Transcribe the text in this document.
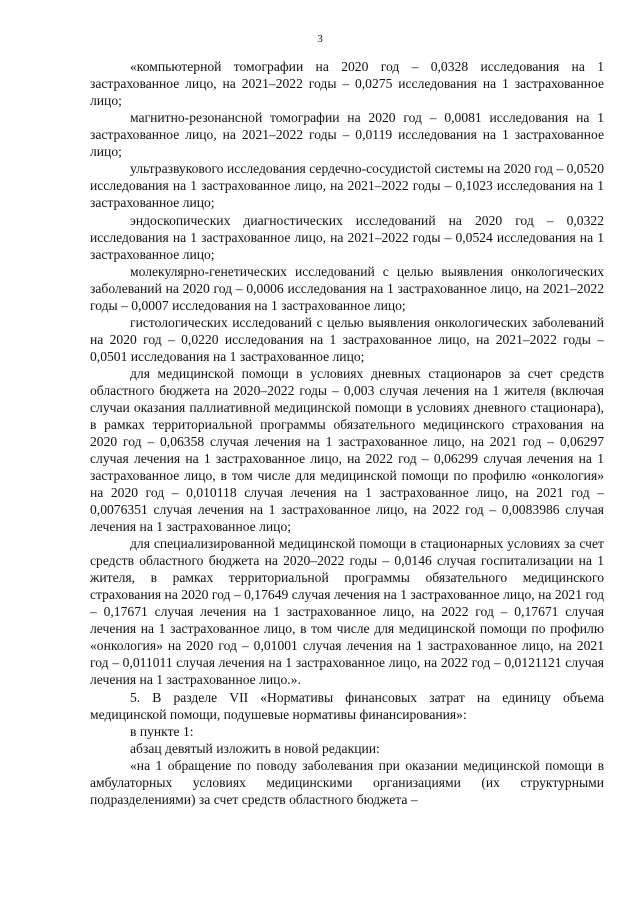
3

«компьютерной томографии на 2020 год – 0,0328 исследования на 1 застрахованное лицо, на 2021–2022 годы – 0,0275 исследования на 1 застрахованное лицо;

магнитно-резонансной томографии на 2020 год – 0,0081 исследования на 1 застрахованное лицо, на 2021–2022 годы – 0,0119 исследования на 1 застрахованное лицо;

ультразвукового исследования сердечно-сосудистой системы на 2020 год – 0,0520 исследования на 1 застрахованное лицо, на 2021–2022 годы – 0,1023 исследования на 1 застрахованное лицо;

эндоскопических диагностических исследований на 2020 год – 0,0322 исследования на 1 застрахованное лицо, на 2021–2022 годы – 0,0524 исследования на 1 застрахованное лицо;

молекулярно-генетических исследований с целью выявления онкологических заболеваний на 2020 год – 0,0006 исследования на 1 застрахованное лицо, на 2021–2022 годы – 0,0007 исследования на 1 застрахованное лицо;

гистологических исследований с целью выявления онкологических заболеваний на 2020 год – 0,0220 исследования на 1 застрахованное лицо, на 2021–2022 годы – 0,0501 исследования на 1 застрахованное лицо;

для медицинской помощи в условиях дневных стационаров за счет средств областного бюджета на 2020–2022 годы – 0,003 случая лечения на 1 жителя (включая случаи оказания паллиативной медицинской помощи в условиях дневного стационара), в рамках территориальной программы обязательного медицинского страхования на 2020 год – 0,06358 случая лечения на 1 застрахованное лицо, на 2021 год – 0,06297 случая лечения на 1 застрахованное лицо, на 2022 год – 0,06299 случая лечения на 1 застрахованное лицо, в том числе для медицинской помощи по профилю «онкология» на 2020 год – 0,010118 случая лечения на 1 застрахованное лицо, на 2021 год – 0,0076351 случая лечения на 1 застрахованное лицо, на 2022 год – 0,0083986 случая лечения на 1 застрахованное лицо;

для специализированной медицинской помощи в стационарных условиях за счет средств областного бюджета на 2020–2022 годы – 0,0146 случая госпитализации на 1 жителя, в рамках территориальной программы обязательного медицинского страхования на 2020 год – 0,17649 случая лечения на 1 застрахованное лицо, на 2021 год – 0,17671 случая лечения на 1 застрахованное лицо, на 2022 год – 0,17671 случая лечения на 1 застрахованное лицо, в том числе для медицинской помощи по профилю «онкология» на 2020 год – 0,01001 случая лечения на 1 застрахованное лицо, на 2021 год – 0,011011 случая лечения на 1 застрахованное лицо, на 2022 год – 0,0121121 случая лечения на 1 застрахованное лицо.».

5. В разделе VII «Нормативы финансовых затрат на единицу объема медицинской помощи, подушевые нормативы финансирования»:

в пункте 1:

абзац девятый изложить в новой редакции:

«на 1 обращение по поводу заболевания при оказании медицинской помощи в амбулаторных условиях медицинскими организациями (их структурными подразделениями) за счет средств областного бюджета –
